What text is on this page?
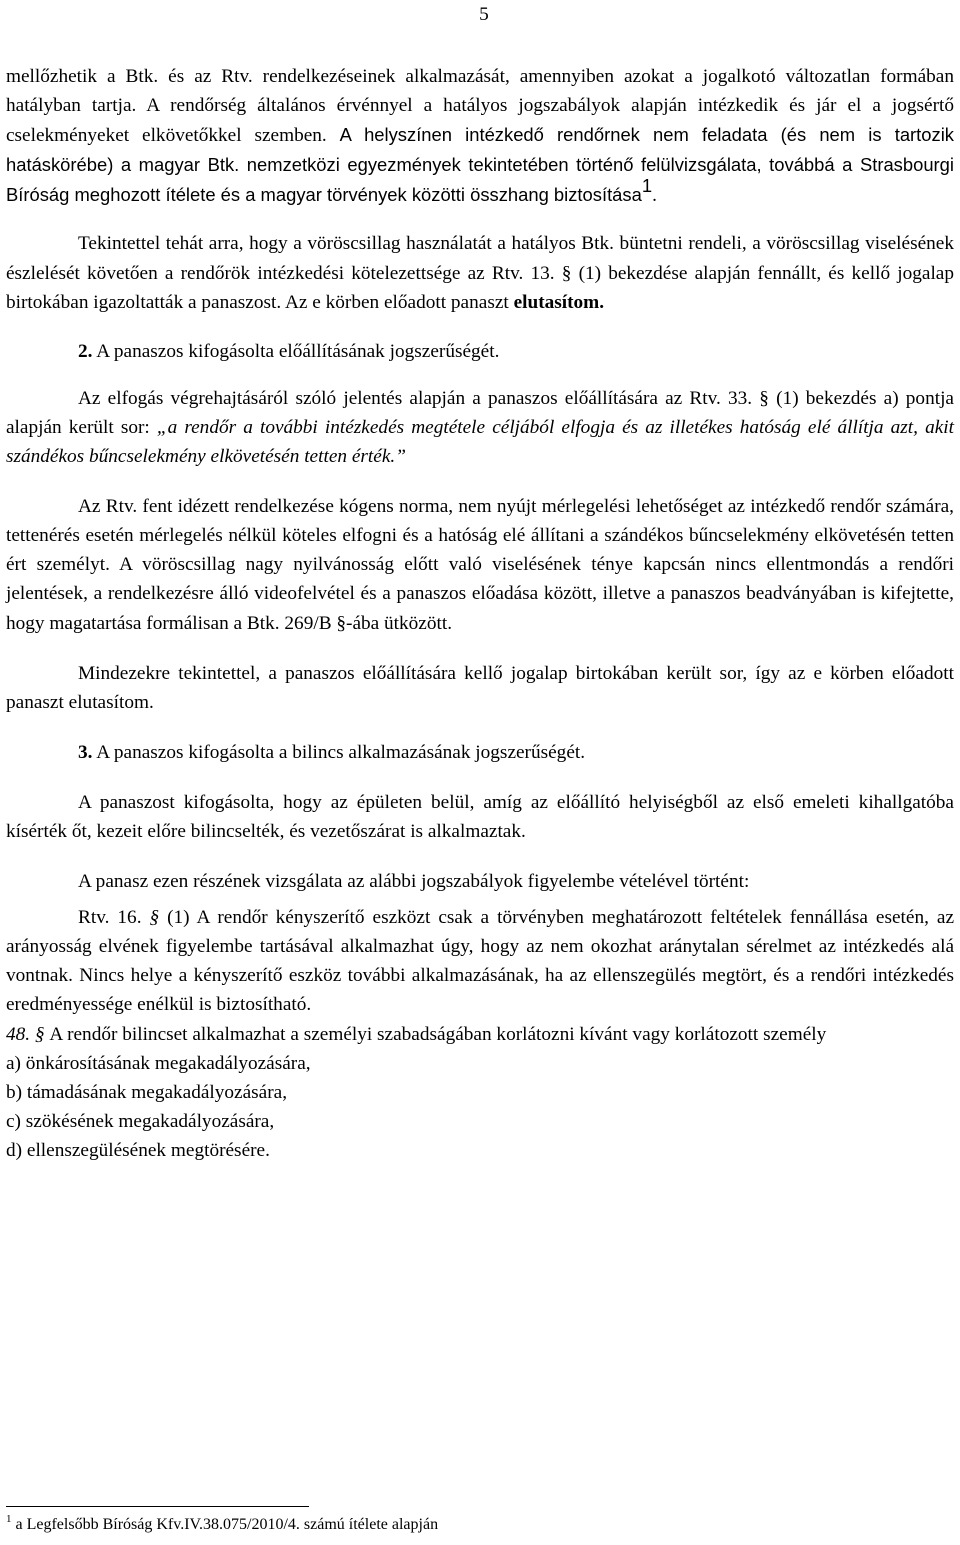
5

mellőzhetik a Btk. és az Rtv. rendelkezéseinek alkalmazását, amennyiben azokat a jogalkotó változatlan formában hatályban tartja. A rendőrség általános érvénnyel a hatályos jogszabályok alapján intézkedik és jár el a jogsértő cselekményeket elkövetőkkel szemben. A helyszínen intézkedő rendőrnek nem feladata (és nem is tartozik hatáskörébe) a magyar Btk. nemzetközi egyezmények tekintetében történő felülvizsgálata, továbbá a Strasbourgi Bíróság meghozott ítélete és a magyar törvények közötti összhang biztosítása$^1$.

Tekintettel tehát arra, hogy a vöröscsillag használatát a hatályos Btk. büntetni rendeli, a vöröscsillag viselésének észlelését követően a rendőrök intézkedési kötelezettsége az Rtv. 13. § (1) bekezdése alapján fennállt, és kellő jogalap birtokában igazoltatták a panaszost. Az e körben előadott panaszt elutasítom.

2. A panaszos kifogásolta előállításának jogszerűségét.

Az elfogás végrehajtásáról szóló jelentés alapján a panaszos előállítására az Rtv. 33. § (1) bekezdés a) pontja alapján került sor: „a rendőr a további intézkedés megtétele céljából elfogja és az illetékes hatóság elé állítja azt, akit szándékos bűncselekmény elkövetésén tetten érték.”

Az Rtv. fent idézett rendelkezése kógens norma, nem nyújt mérlegelési lehetőséget az intézkedő rendőr számára, tettenérés esetén mérlegelés nélkül köteles elfogni és a hatóság elé állítani a szándékos bűncselekmény elkövetésén tetten ért személyt. A vöröscsillag nagy nyilvánosság előtt való viselésének ténye kapcsán nincs ellentmondás a rendőri jelentések, a rendelkezésre álló videofelvétel és a panaszos előadása között, illetve a panaszos beadványában is kifejtette, hogy magatartása formálisan a Btk. 269/B §-ába ütközött.

Mindezekre tekintettel, a panaszos előállítására kellő jogalap birtokában került sor, így az e körben előadott panaszt elutasítom.

3. A panaszos kifogásolta a bilincs alkalmazásának jogszerűségét.

A panaszost kifogásolta, hogy az épületen belül, amíg az előállító helyiségből az első emeleti kihallgatóba kísérték őt, kezeit előre bilincselték, és vezetőszárat is alkalmaztak.

A panasz ezen részének vizsgálata az alábbi jogszabályok figyelembe vételével történt:

Rtv. 16. § (1) A rendőr kényszerítő eszközt csak a törvényben meghatározott feltételek fennállása esetén, az arányosság elvének figyelembe tartásával alkalmazhat úgy, hogy az nem okozhat aránytalan sérelmet az intézkedés alá vontnak. Nincs helye a kényszerítő eszköz további alkalmazásának, ha az ellenszegülés megtört, és a rendőri intézkedés eredményessége enélkül is biztosítható.

48. § A rendőr bilincset alkalmazhat a személyi szabadságában korlátozni kívánt vagy korlátozott személy

a) önkárosításának megakadályozására,

b) támadásának megakadályozására,

c) szökésének megakadályozására,

d) ellenszegülésének megtörésére.

$^1$ a Legfelsőbb Bíróság Kfv.IV.38.075/2010/4. számú ítélete alapján
